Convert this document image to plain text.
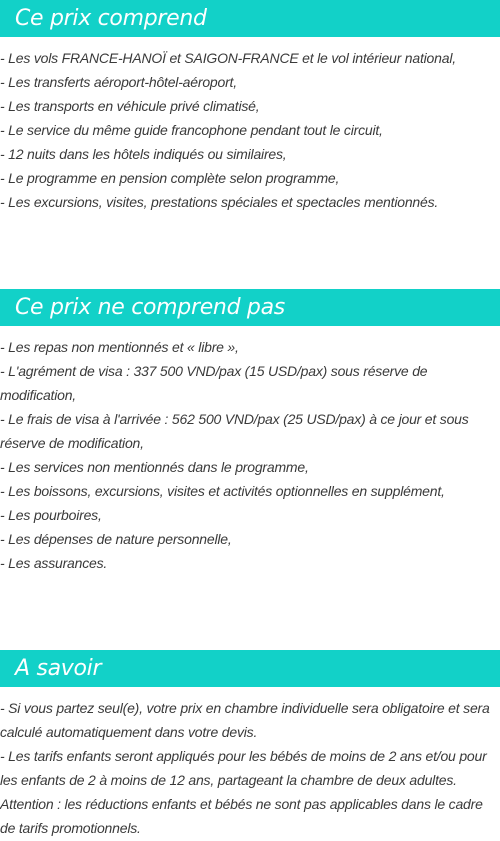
Ce prix comprend
- Les vols FRANCE-HANOÏ et SAIGON-FRANCE et le vol intérieur national,
- Les transferts aéroport-hôtel-aéroport,
- Les transports en véhicule privé climatisé,
- Le service du même guide francophone pendant tout le circuit,
- 12 nuits dans les hôtels indiqués ou similaires,
- Le programme en pension complète selon programme,
- Les excursions, visites, prestations spéciales et spectacles mentionnés.
Ce prix ne comprend pas
- Les repas non mentionnés et « libre »,
- L'agrément de visa : 337 500 VND/pax (15 USD/pax) sous réserve de modification,
- Le frais de visa à l'arrivée : 562 500 VND/pax (25 USD/pax) à ce jour et sous réserve de modification,
- Les services non mentionnés dans le programme,
- Les boissons, excursions, visites et activités optionnelles en supplément,
- Les pourboires,
- Les dépenses de nature personnelle,
- Les assurances.
A savoir
- Si vous partez seul(e), votre prix en chambre individuelle sera obligatoire et sera calculé automatiquement dans votre devis.
- Les tarifs enfants seront appliqués pour les bébés de moins de 2 ans et/ou pour les enfants de 2 à moins de 12 ans, partageant la chambre de deux adultes.
Attention : les réductions enfants et bébés ne sont pas applicables dans le cadre de tarifs promotionnels.
